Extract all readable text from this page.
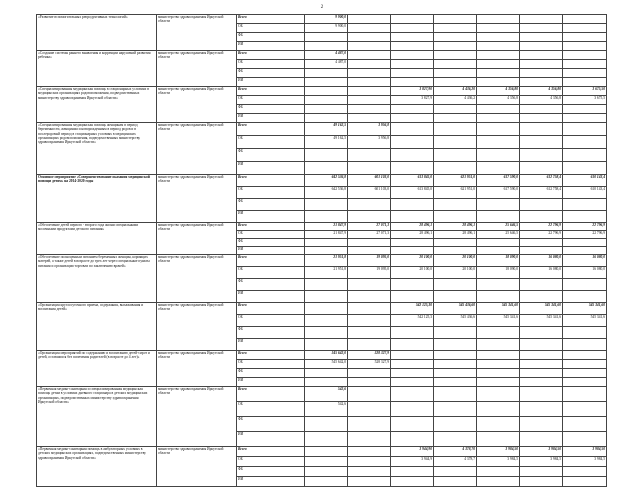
2
«Развитие вспомогательных репродуктивных технологий»	министерство здравоохранения Иркутской области	Всего	9 900,0						
		ОБ	9 900,0						
		ФБ							
		ИИ							
«Создание системы раннего выявления и коррекции нарушений развития ребенка»	министерство здравоохранения Иркутской области	Всего	4 487,0						
		ОБ	4 487,0						
		ФБ							
		ИИ							
«Специализированная медицинская помощь в стационарных условиях в медицинских организациях родовспоможения, подведомственных министерству здравоохранения Иркутской области»	министерство здравоохранения Иркутской области	Всего			3 827,90	4 436,20	4 356,80	4 356,80	3 675,50
		ОБ			3 827,9	4 436,2	4 356,8	4 356,8	3 675,5
		ФБ							
		ИИ							
«Специализированная медицинская помощь женщинам в период беременности, женщинам и новорожденным в период родов и в послеродовый период в стационарных условиях в медицинских организациях родовспоможения, подведомственных министерству здравоохранения Иркутской области»	министерство здравоохранения Иркутской области	Всего	49 162,5	3 956,8					
		ОБ	49 162,5	3 956,8					
		ФБ							
		ИИ							
Основное мероприятие «Совершенствование оказания медицинской помощи детям» на 2014-2020 годы	министерство здравоохранения Иркутской области	Всего	642 536,8	601 103,0	613 845,0	621 951,0	617 590,0	612 758,4	610 143,4
		ОБ	642 536,8	601 103,0	613 845,0	621 951,0	617 590,0	612 758,4	610 143,4
		ФБ							
		ИИ							
«Обеспечение детей первого - второго года жизни специальными молочными продуктами детского питания»	министерство здравоохранения Иркутской области	Всего	21 847,9	27 071,3	28 496,1	28 496,1	25 646,5	22 796,9	22 796,9
		ОБ	21 847,9	27 071,3	28 496,1	28 496,1	25 646,5	22 796,9	22 796,9
		ФБ							
		ИИ							
«Обеспечение полноценным питанием беременных женщин, кормящих матерей, а также детей в возрасте до трех лет через специальные пункты питания и организации торговли по заключению врачей»	министерство здравоохранения Иркутской области	Всего	21 951,8	19 095,0	20 100,0	20 100,0	18 090,0	16 080,0	16 080,0
		ОБ	21 951,8	19 095,0	20 100,0	20 100,0	18 090,0	16 080,0	16 080,0
		ФБ							
		ИИ							
«Организация круглосуточного приема, содержания, выхаживания и воспитания детей»	министерство здравоохранения Иркутской области	Всего			542 125,30	545 436,60	545 341,60	545 341,60	545 341,60
		ОБ			542 125,3	545 436,6	545 341,6	545 341,6	545 341,6
		ФБ							
		ИИ							
«Организация мероприятий по содержанию и воспитанию детей-сирот и детей, оставшихся без попечения родителей (в возрасте до 4 лет)»	министерство здравоохранения Иркутской области	Всего	545 642,0	528 327,9					
		ОБ	545 642,0	528 327,9					
		ФБ							
		ИИ							
«Первичная медико-санитарная и специализированная медицинская помощь детям в условиях дневного стационара в детских медицинских организациях, подведомственных министерству здравоохранения Иркутской области»	министерство здравоохранения Иркутской области	Всего	542,6						
		ОБ	542,6						
		ФБ							
		ИИ							
«Первичная медико-санитарная помощь в амбулаторных условиях в детских медицинских организациях, подведомственных министерству здравоохранения Иркутской области»	министерство здравоохранения Иркутской области	Всего			3 944,90	4 378,70	3 984,50	3 984,50	3 984,50
		ОБ			3 944,9	4 378,7	3 984,5	3 984,5	3 984,5
		ФБ							
		ИИ							
